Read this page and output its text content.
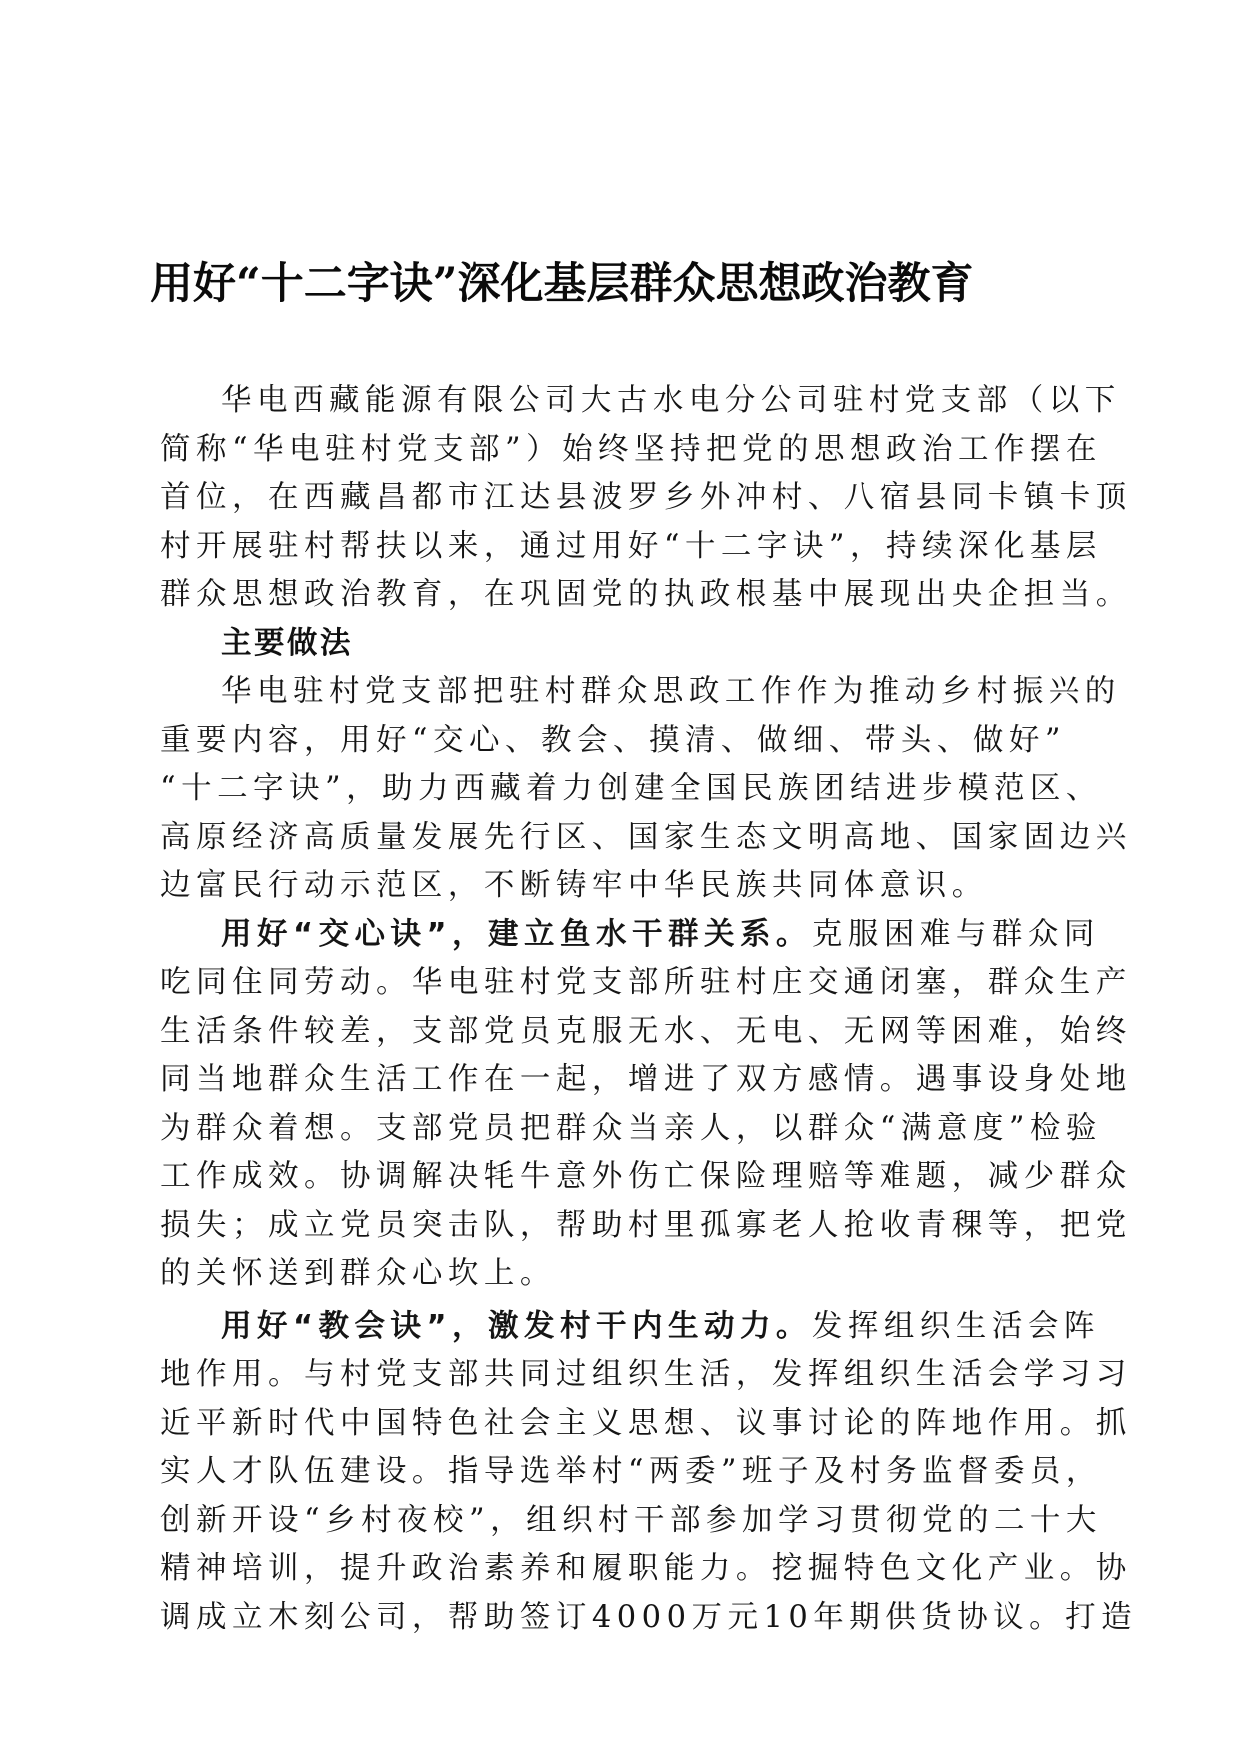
用好“十二字诀”深化基层群众思想政治教育
华电西藏能源有限公司大古水电分公司驻村党支部（以下
简称“华电驻村党支部”）始终坚持把党的思想政治工作摆在
首位，在西藏昌都市江达县波罗乡外冲村、八宿县同卡镇卡顶
村开展驻村帮扶以来，通过用好“十二字诀”，持续深化基层
群众思想政治教育，在巩固党的执政根基中展现出央企担当。
主要做法
华电驻村党支部把驻村群众思政工作作为推动乡村振兴的
重要内容，用好“交心、教会、摸清、做细、带头、做好”
“十二字诀”，助力西藏着力创建全国民族团结进步模范区、
高原经济高质量发展先行区、国家生态文明高地、国家固边兴
边富民行动示范区，不断铸牢中华民族共同体意识。
用好“交心诀”，建立鱼水干群关系。克服困难与群众同
吃同住同劳动。华电驻村党支部所驻村庄交通闭塞，群众生产
生活条件较差，支部党员克服无水、无电、无网等困难，始终
同当地群众生活工作在一起，增进了双方感情。遇事设身处地
为群众着想。支部党员把群众当亲人，以群众“满意度”检验
工作成效。协调解决牦牛意外伤亡保险理赔等难题，减少群众
损失；成立党员突击队，帮助村里孤寡老人抢收青稞等，把党
的关怀送到群众心坎上。
用好“教会诀”，激发村干内生动力。发挥组织生活会阵
地作用。与村党支部共同过组织生活，发挥组织生活会学习习
近平新时代中国特色社会主义思想、议事讨论的阵地作用。抓
实人才队伍建设。指导选举村“两委”班子及村务监督委员，
创新开设“乡村夜校”，组织村干部参加学习贯彻党的二十大
精神培训，提升政治素养和履职能力。挖掘特色文化产业。协
调成立木刻公司，帮助签订4000万元10年期供货协议。打造
